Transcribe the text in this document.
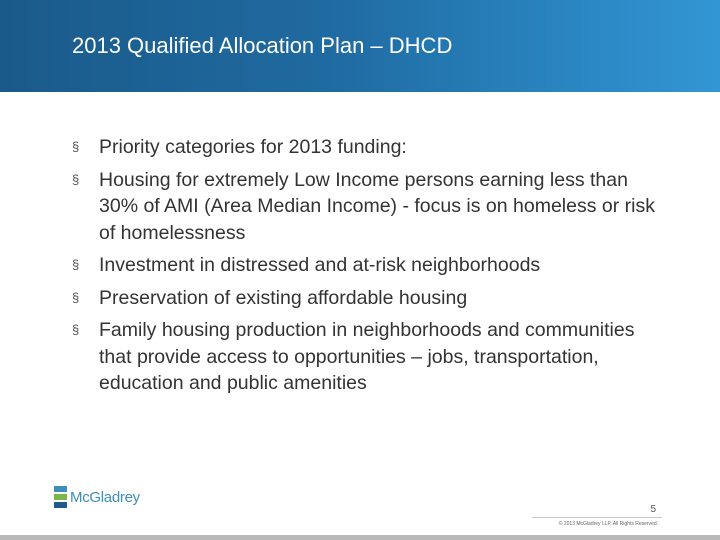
2013 Qualified Allocation Plan – DHCD
§ Priority categories for 2013 funding:
§ Housing for extremely Low Income persons earning less than 30% of AMI (Area Median Income) - focus is on homeless or risk of homelessness
§ Investment in distressed and at-risk neighborhoods
§ Preservation of existing affordable housing
§ Family housing production in neighborhoods and communities that provide access to opportunities – jobs, transportation, education and public amenities
McGladrey
5
© 2013 McGladrey LLP. All Rights Reserved.
